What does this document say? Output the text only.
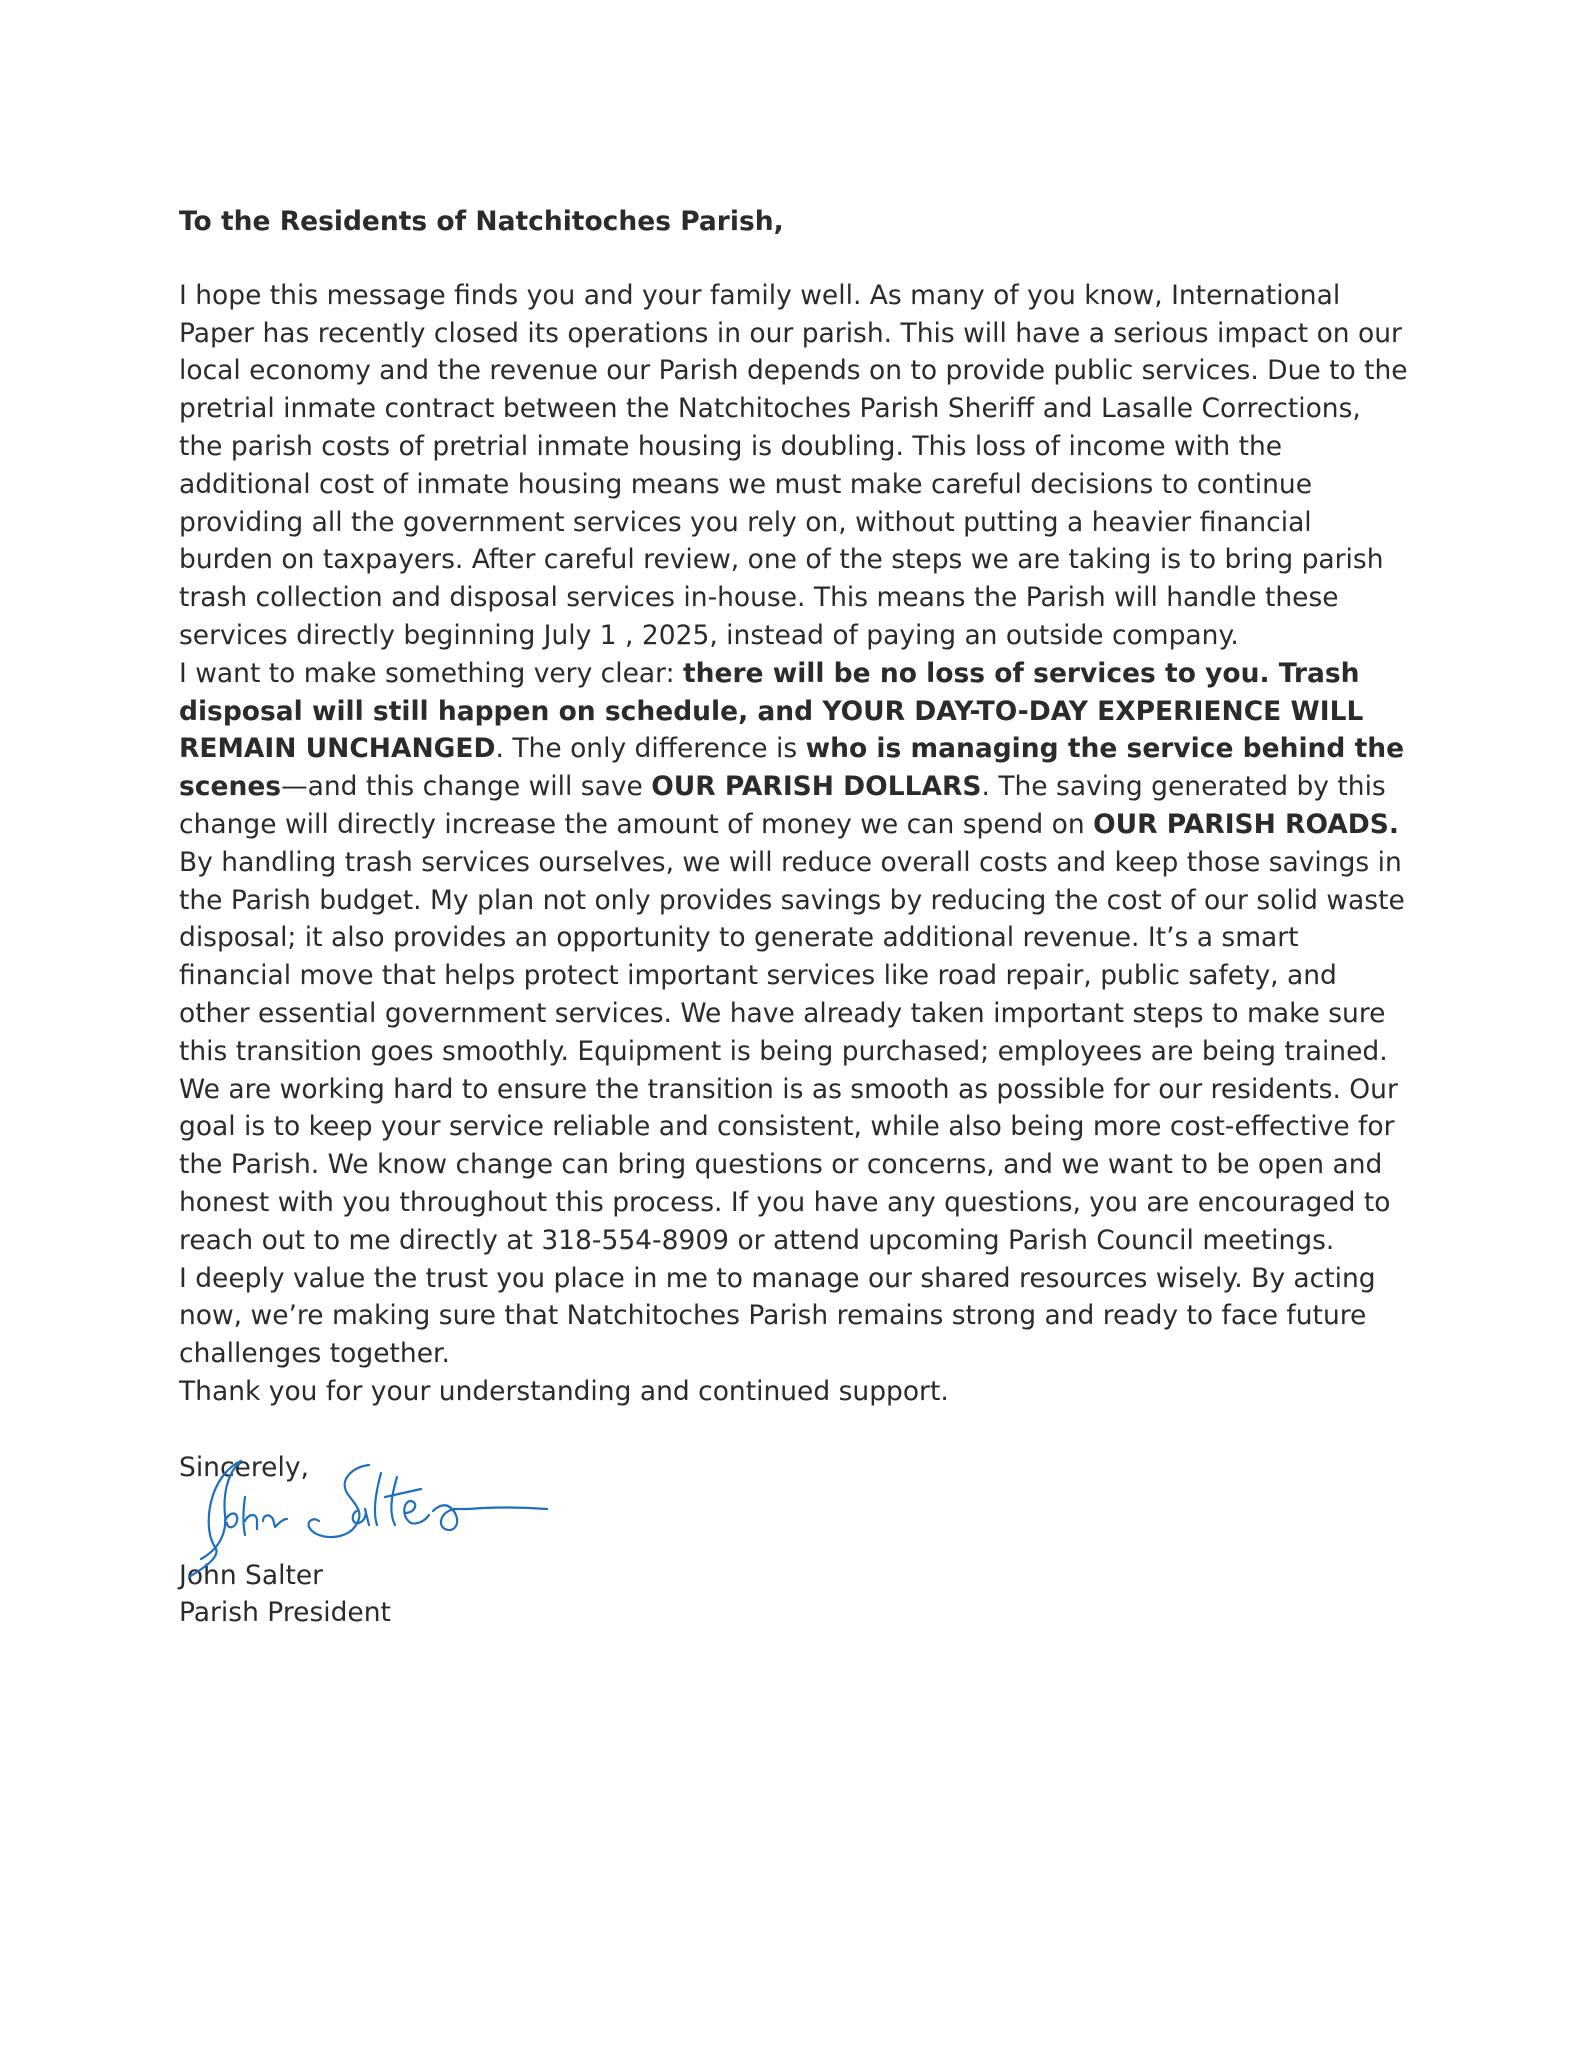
To the Residents of Natchitoches Parish,

I hope this message finds you and your family well. As many of you know, International Paper has recently closed its operations in our parish. This will have a serious impact on our local economy and the revenue our Parish depends on to provide public services. Due to the pretrial inmate contract between the Natchitoches Parish Sheriff and Lasalle Corrections, the parish costs of pretrial inmate housing is doubling. This loss of income with the additional cost of inmate housing means we must make careful decisions to continue providing all the government services you rely on, without putting a heavier financial burden on taxpayers. After careful review, one of the steps we are taking is to bring parish trash collection and disposal services in-house. This means the Parish will handle these services directly beginning July 1 , 2025, instead of paying an outside company.

I want to make something very clear: there will be no loss of services to you. Trash disposal will still happen on schedule, and YOUR DAY-TO-DAY EXPERIENCE WILL REMAIN UNCHANGED. The only difference is who is managing the service behind the scenes—and this change will save OUR PARISH DOLLARS. The saving generated by this change will directly increase the amount of money we can spend on OUR PARISH ROADS. By handling trash services ourselves, we will reduce overall costs and keep those savings in the Parish budget. My plan not only provides savings by reducing the cost of our solid waste disposal; it also provides an opportunity to generate additional revenue. It’s a smart financial move that helps protect important services like road repair, public safety, and other essential government services. We have already taken important steps to make sure this transition goes smoothly. Equipment is being purchased; employees are being trained. We are working hard to ensure the transition is as smooth as possible for our residents. Our goal is to keep your service reliable and consistent, while also being more cost-effective for the Parish. We know change can bring questions or concerns, and we want to be open and honest with you throughout this process. If you have any questions, you are encouraged to reach out to me directly at 318-554-8909 or attend upcoming Parish Council meetings.

I deeply value the trust you place in me to manage our shared resources wisely. By acting now, we’re making sure that Natchitoches Parish remains strong and ready to face future challenges together.

Thank you for your understanding and continued support.

Sincerely,

John Salter

Parish President
